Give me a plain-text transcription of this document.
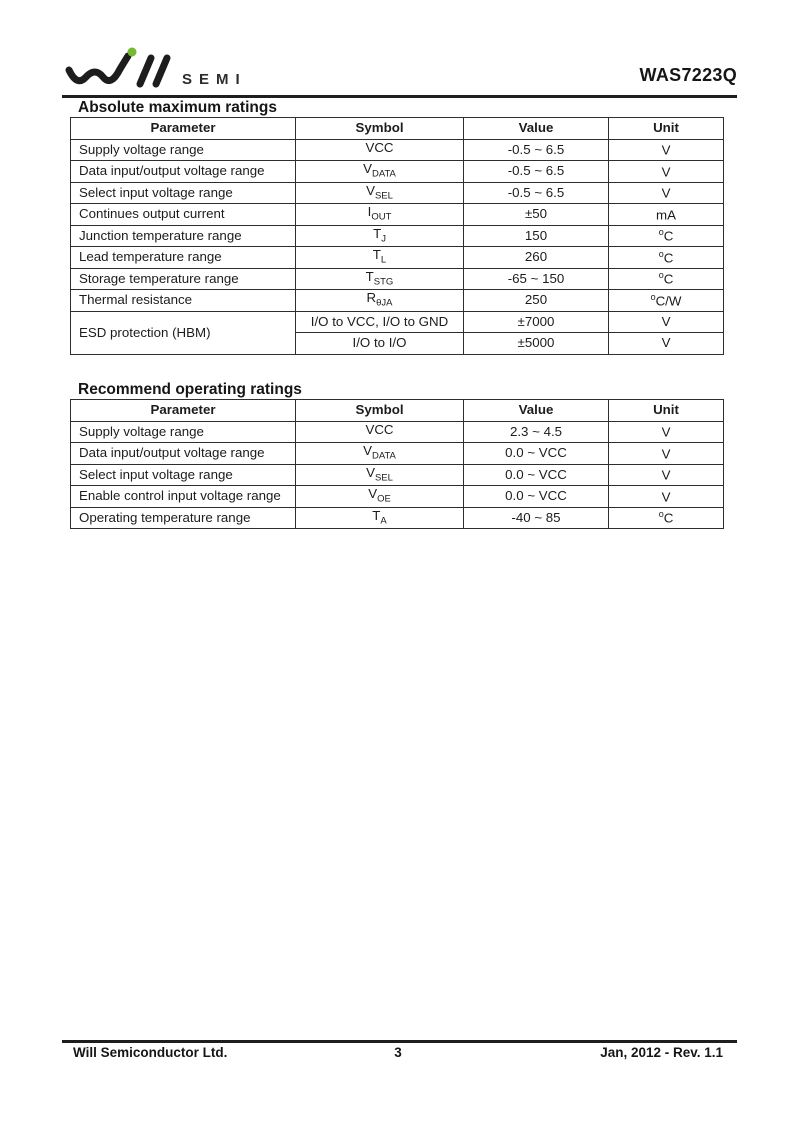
SEMI	WAS7223Q
Absolute maximum ratings
Parameter	Symbol	Value	Unit
Supply voltage range	VCC	-0.5 ~ 6.5	V
Data input/output voltage range	$V_{DATA}$	-0.5 ~ 6.5	V
Select input voltage range	$V_{SEL}$	-0.5 ~ 6.5	V
Continues output current	$I_{OUT}$	±50	mA
Junction temperature range	$T_J$	150	$^o$C
Lead temperature range	$T_L$	260	$^o$C
Storage temperature range	$T_{STG}$	-65 ~ 150	$^o$C
Thermal resistance	$R_{\theta JA}$	250	$^o$C/W
ESD protection (HBM)	I/O to VCC, I/O to GND	±7000	V
	I/O to I/O	±5000	V
Recommend operating ratings
Parameter	Symbol	Value	Unit
Supply voltage range	VCC	2.3 ~ 4.5	V
Data input/output voltage range	$V_{DATA}$	0.0 ~ VCC	V
Select input voltage range	$V_{SEL}$	0.0 ~ VCC	V
Enable control input voltage range	$V_{OE}$	0.0 ~ VCC	V
Operating temperature range	$T_A$	-40 ~ 85	$^o$C
Will Semiconductor Ltd.	3	Jan, 2012 - Rev. 1.1
